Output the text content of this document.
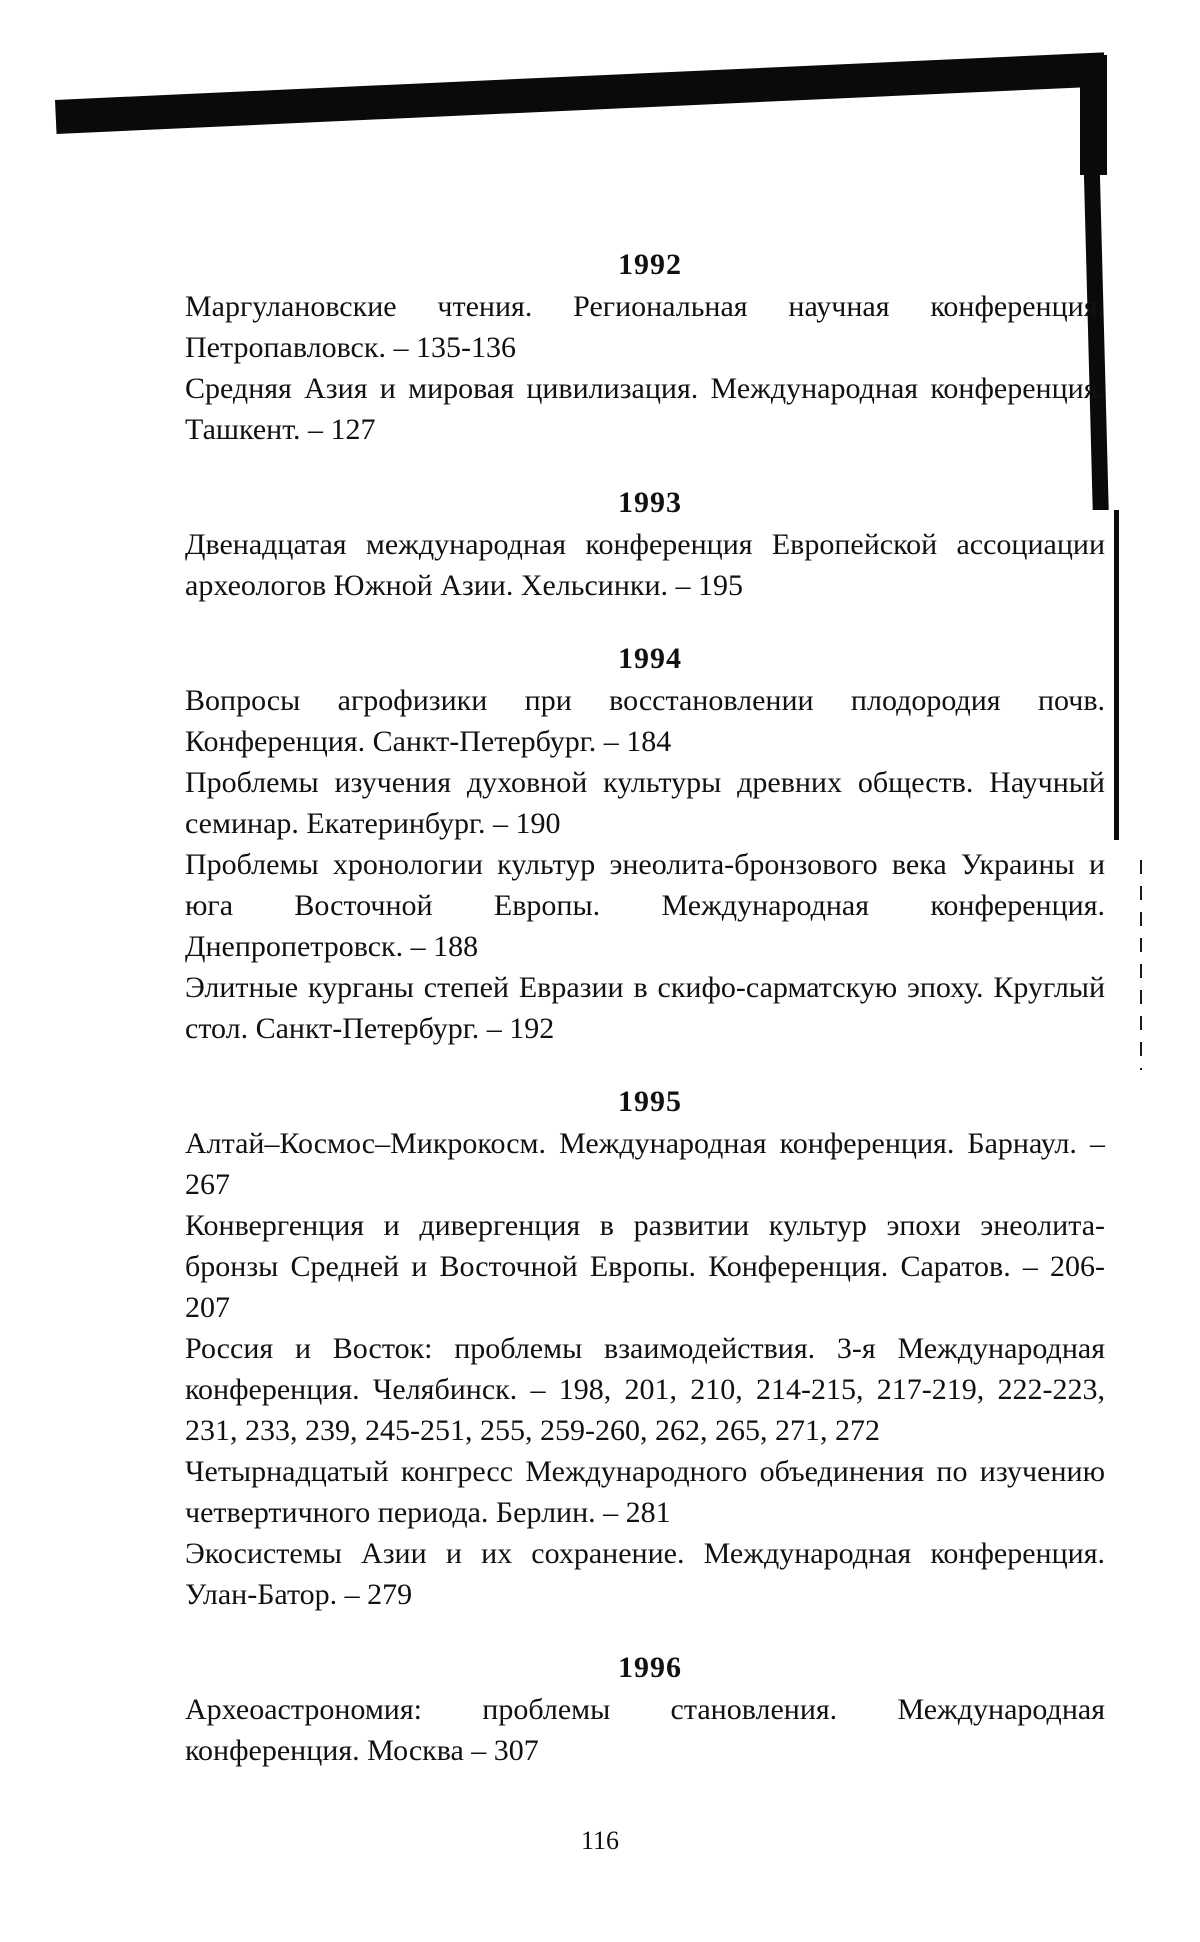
1992

Маргулановские чтения. Региональная научная конференция. Петропавловск. – 135-136

Средняя Азия и мировая цивилизация. Международная конференция. Ташкент. – 127

1993

Двенадцатая международная конференция Европейской ассоциации археологов Южной Азии. Хельсинки. – 195

1994

Вопросы агрофизики при восстановлении плодородия почв. Конференция. Санкт-Петербург. – 184

Проблемы изучения духовной культуры древних обществ. Научный семинар. Екатеринбург. – 190

Проблемы хронологии культур энеолита-бронзового века Украины и юга Восточной Европы. Международная конференция. Днепропетровск. – 188

Элитные курганы степей Евразии в скифо-сарматскую эпоху. Круглый стол. Санкт-Петербург. – 192

1995

Алтай–Космос–Микрокосм. Международная конференция. Барнаул. – 267

Конвергенция и дивергенция в развитии культур эпохи энеолита-бронзы Средней и Восточной Европы. Конференция. Саратов. – 206-207

Россия и Восток: проблемы взаимодействия. 3-я Международная конференция. Челябинск. – 198, 201, 210, 214-215, 217-219, 222-223, 231, 233, 239, 245-251, 255, 259-260, 262, 265, 271, 272

Четырнадцатый конгресс Международного объединения по изучению четвертичного периода. Берлин. – 281

Экосистемы Азии и их сохранение. Международная конференция. Улан-Батор. – 279

1996

Археоастрономия: проблемы становления. Международная конференция. Москва – 307

116
